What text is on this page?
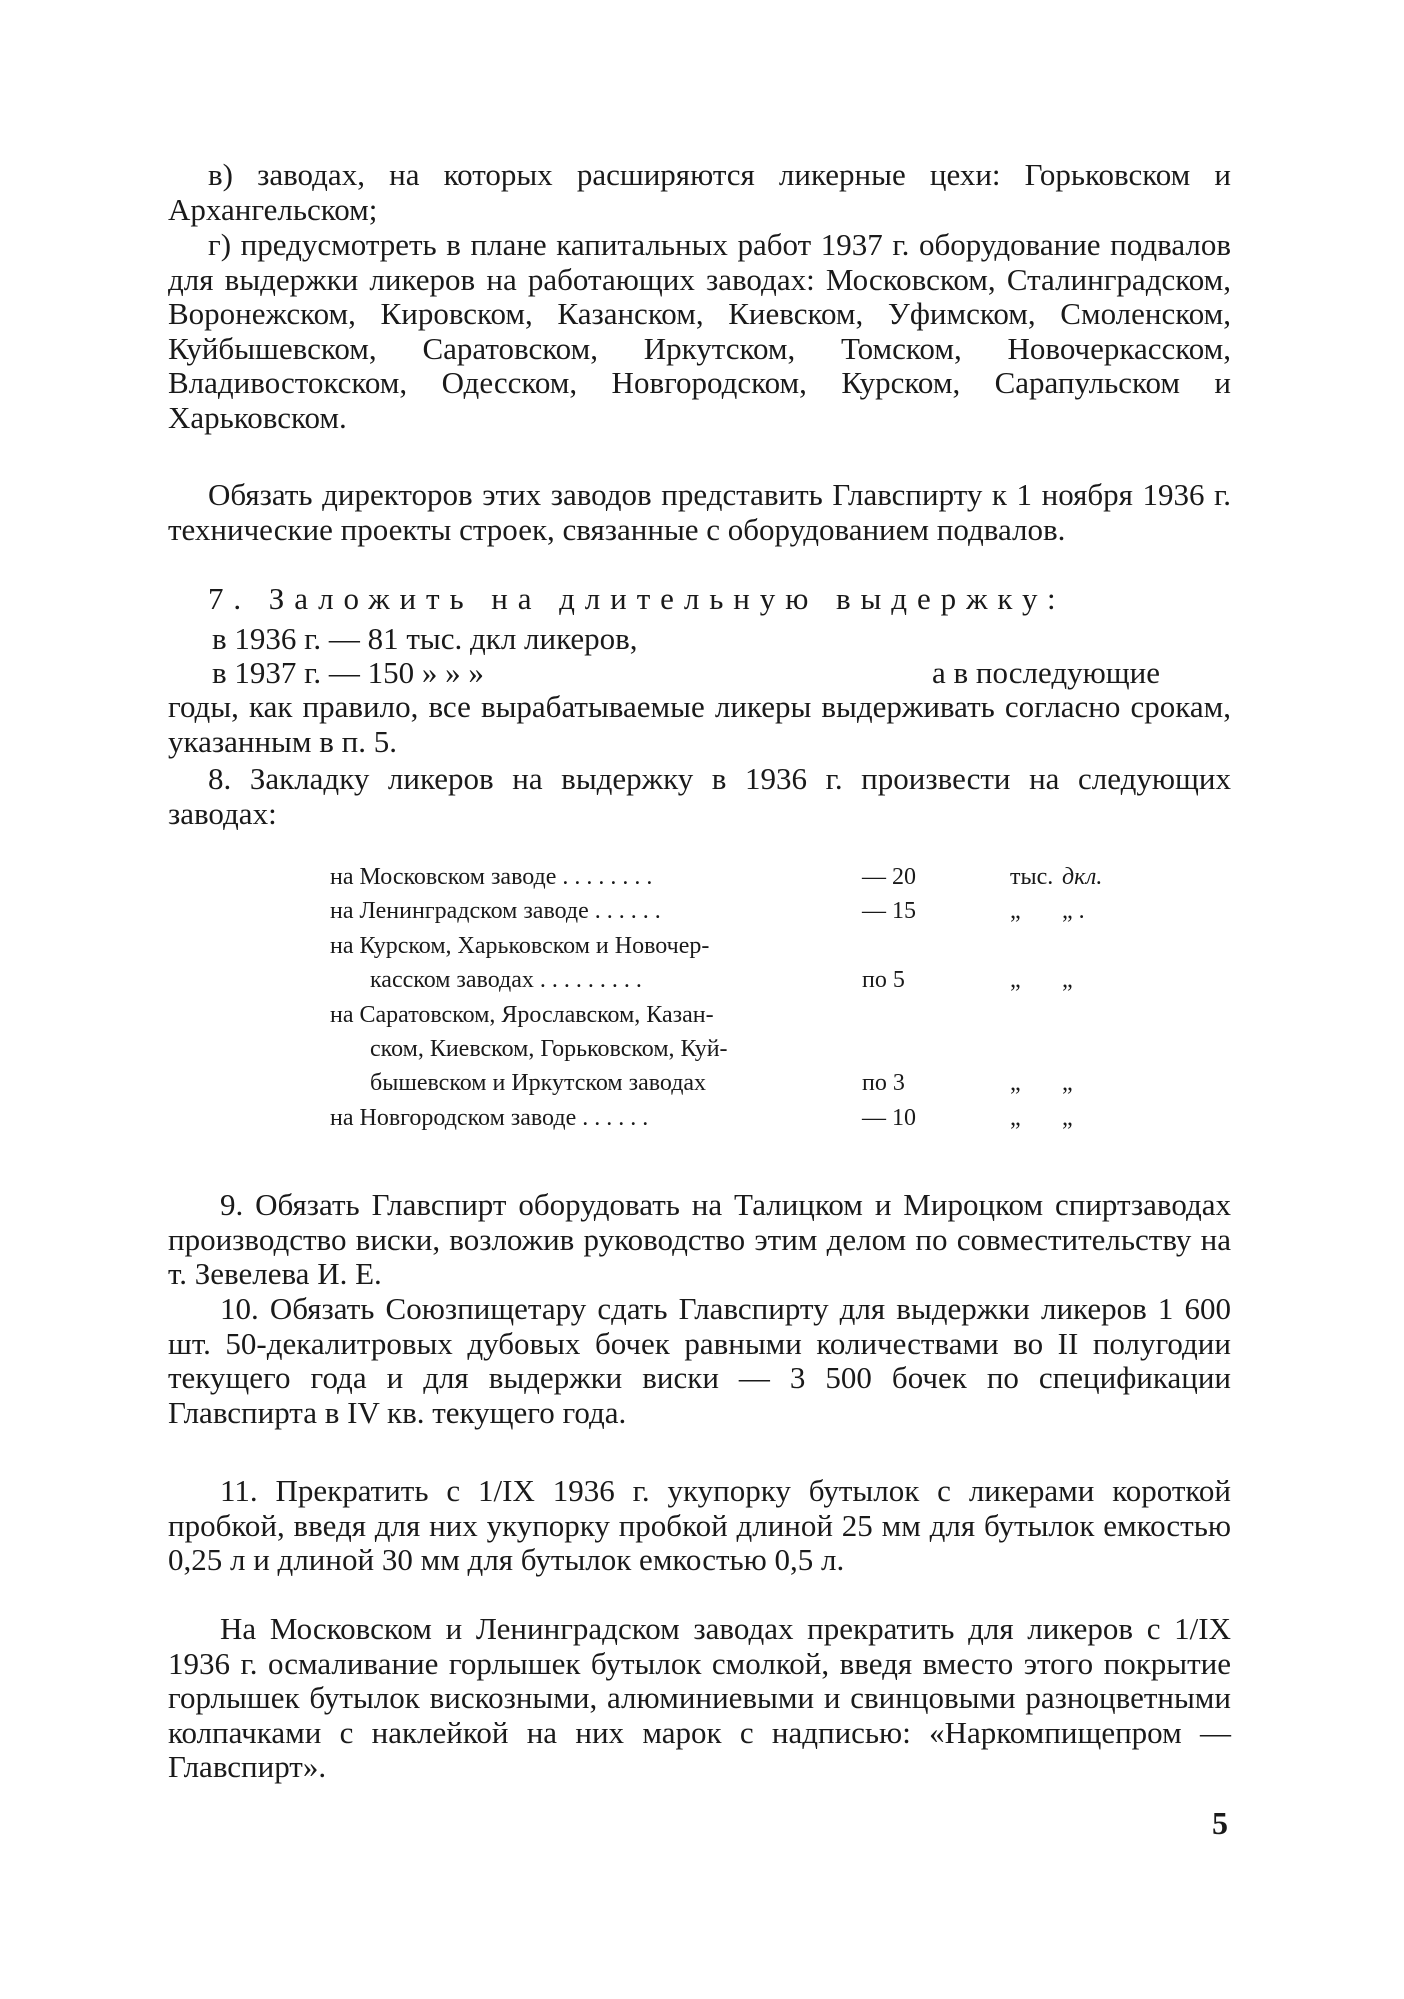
в) заводах, на которых расширяются ликерные цехи: Горьковском и Архангельском;
г) предусмотреть в плане капитальных работ 1937 г. оборудование подвалов для выдержки ликеров на работающих заводах: Московском, Сталинградском, Воронежском, Кировском, Казанском, Киевском, Уфимском, Смоленском, Куйбышевском, Саратовском, Иркутском, Томском, Новочеркасском, Владивостокском, Одесском, Новгородском, Курском, Сарапульском и Харьковском.
Обязать директоров этих заводов представить Главспирту к 1 ноября 1936 г. технические проекты строек, связанные с оборудованием подвалов.
7. Заложить на длительную выдержку:
в 1936 г. — 81 тыс. дкл ликеров,
в 1937 г. — 150 » » »	а в последующие
годы, как правило, все вырабатываемые ликеры выдерживать согласно срокам, указанным в п. 5.
8. Закладку ликеров на выдержку в 1936 г. произвести на следующих заводах:
на Московском заводе . . . . . . . .	— 20	тыс. дкл.
на Ленинградском заводе . . . . . .	— 15	„ „ .
на Курском, Харьковском и Новочер-
касском заводах . . . . . . . . .	по 5	„ „
на Саратовском, Ярославском, Казан-
ском, Киевском, Горьковском, Куй-
бышевском и Иркутском заводах	по 3	„ „
на Новгородском заводе . . . . . .	— 10	„ „
9. Обязать Главспирт оборудовать на Талицком и Мироцком спиртзаводах производство виски, возложив руководство этим делом по совместительству на т. Зевелева И. Е.
10. Обязать Союзпищетару сдать Главспирту для выдержки ликеров 1 600 шт. 50-декалитровых дубовых бочек равными количествами во II полугодии текущего года и для выдержки виски — 3 500 бочек по спецификации Главспирта в IV кв. текущего года.
11. Прекратить с 1/IX 1936 г. укупорку бутылок с ликерами короткой пробкой, введя для них укупорку пробкой длиной 25 мм для бутылок емкостью 0,25 л и длиной 30 мм для бутылок емкостью 0,5 л.
На Московском и Ленинградском заводах прекратить для ликеров с 1/IX 1936 г. осмаливание горлышек бутылок смолкой, введя вместо этого покрытие горлышек бутылок вискозными, алюминиевыми и свинцовыми разноцветными колпачками с наклейкой на них марок с надписью: «Наркомпищепром — Главспирт».
5
